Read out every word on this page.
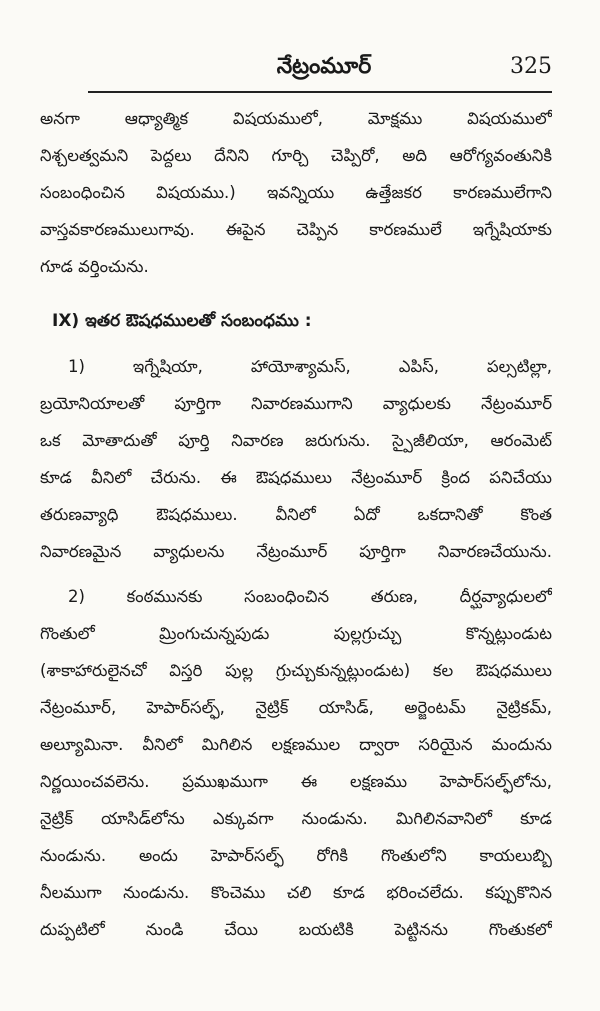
నేట్రంమూర్	325
అనగా ఆధ్యాత్మిక విషయములో, మోక్షము విషయములో
నిశ్చలత్వమని పెద్దలు దేనిని గూర్చి చెప్పిరో, అది ఆరోగ్యవంతునికి
సంబంధించిన విషయము.) ఇవన్నియు ఉత్తేజకర కారణములేగాని
వాస్తవకారణములుగావు. ఈపైన చెప్పిన కారణములే ఇగ్నేషియాకు
గూడ వర్తించును.
IX) ఇతర ఔషధములతో సంబంధము :
1) ఇగ్నేషియా, హాయోశ్యామస్, ఎపిస్, పల్సటిల్లా,
బ్రయోనియాలతో పూర్తిగా నివారణముగాని వ్యాధులకు నేట్రంమూర్
ఒక మోతాదుతో పూర్తి నివారణ జరుగును. స్పైజీలియా, ఆరంమెట్
కూడ వీనిలో చేరును. ఈ ఔషధములు నేట్రంమూర్ క్రింద పనిచేయు
తరుణవ్యాధి ఔషధములు. వీనిలో ఏదో ఒకదానితో కొంత
నివారణమైన వ్యాధులను నేట్రంమూర్ పూర్తిగా నివారణచేయును.
2) కంఠమునకు సంబంధించిన తరుణ, దీర్ఘవ్యాధులలో
గొంతులో మ్రింగుచున్నపుడు పుల్లగ్రుచ్చు కొన్నట్లుండుట
(శాకాహారులైనచో విస్తరి పుల్ల గ్రుచ్చుకున్నట్లుండుట) కల ఔషధములు
నేట్రంమూర్, హెపార్‌సల్ఫ్, నైట్రిక్ యాసిడ్, అర్జెంటమ్ నైట్రికమ్,
అల్యూమినా. వీనిలో మిగిలిన లక్షణముల ద్వారా సరియైన మందును
నిర్ణయించవలెను. ప్రముఖముగా ఈ లక్షణము హెపార్‌సల్ఫ్‌లోను,
నైట్రిక్ యాసిడ్‌లోను ఎక్కువగా నుండును. మిగిలినవానిలో కూడ
నుండును. అందు హెపార్‌సల్ఫ్ రోగికి గొంతులోని కాయలుబ్బి
నీలముగా నుండును. కొంచెము చలి కూడ భరించలేదు. కప్పుకొనిన
దుప్పటిలో నుండి చేయి బయటికి పెట్టినను గొంతుకలో
